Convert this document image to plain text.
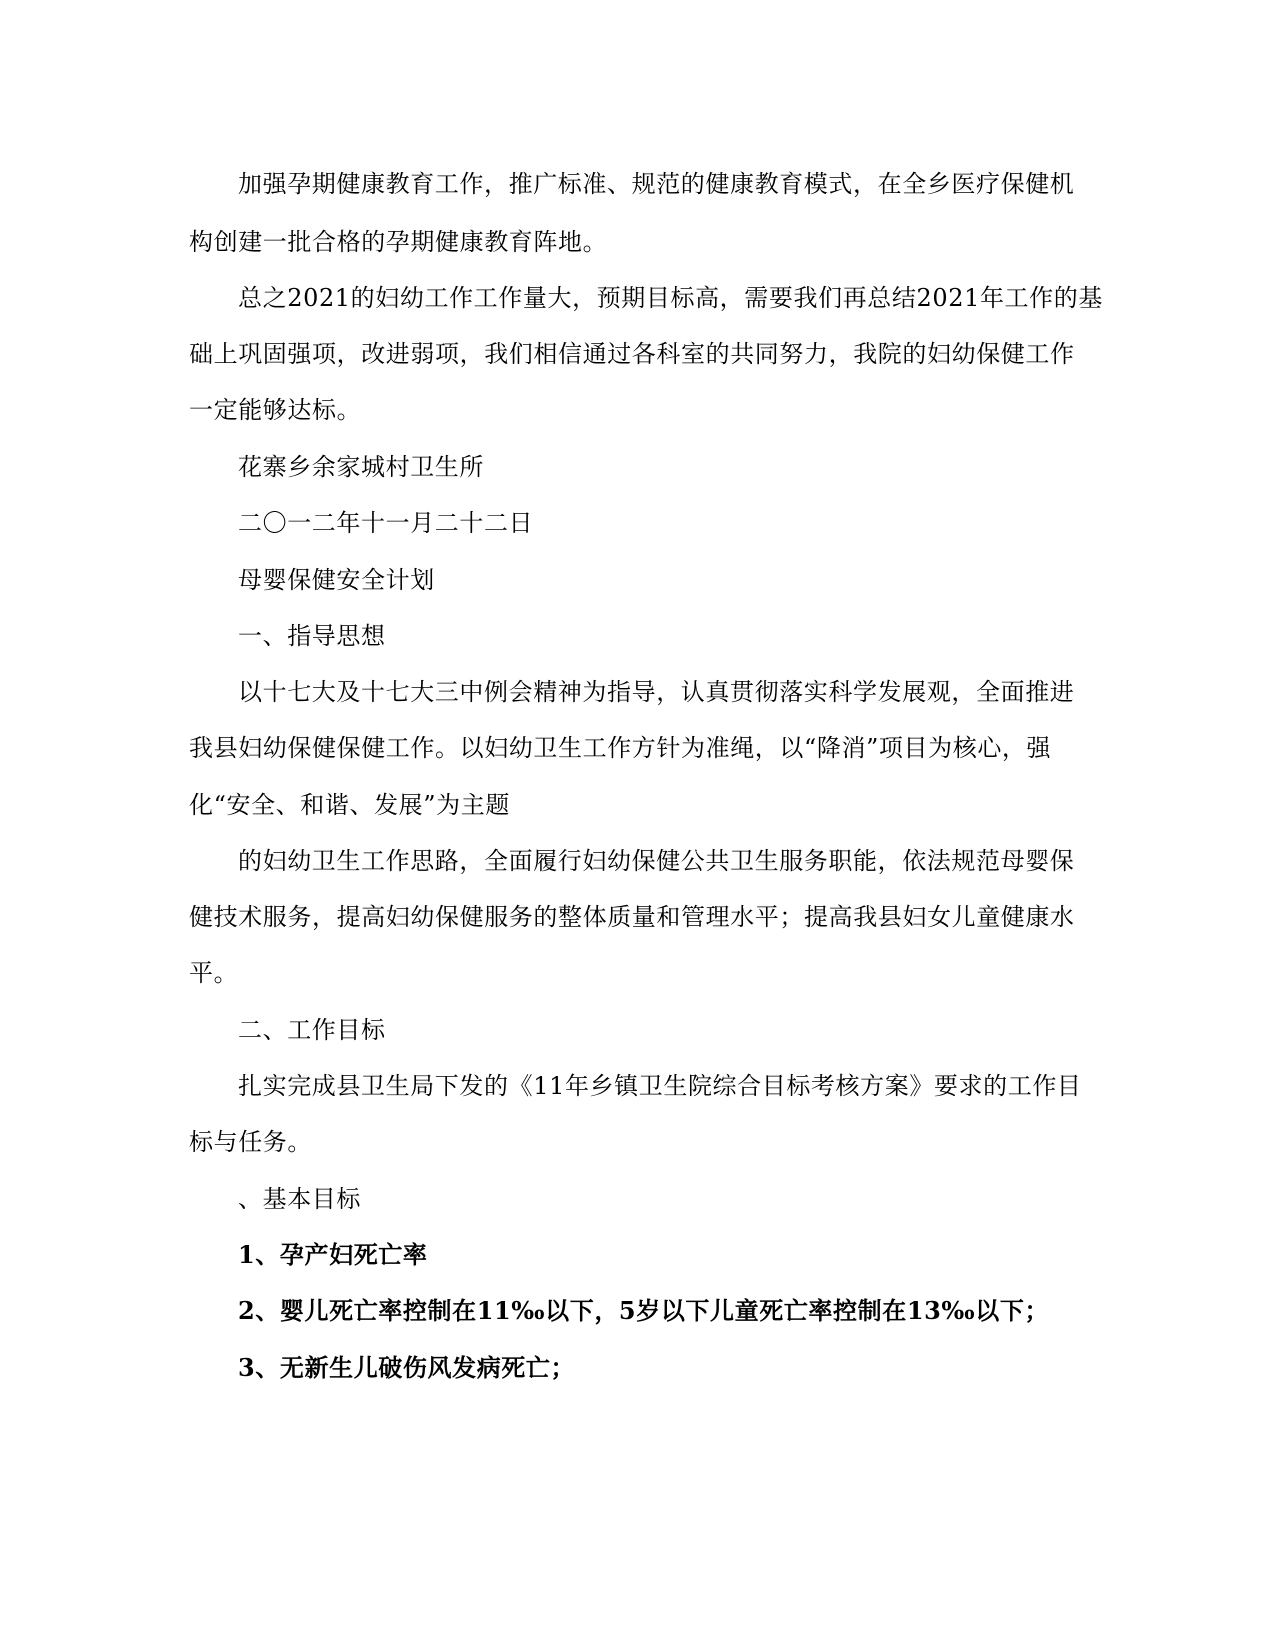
加强孕期健康教育工作，推广标准、规范的健康教育模式，在全乡医疗保健机
构创建一批合格的孕期健康教育阵地。
总之2021的妇幼工作工作量大，预期目标高，需要我们再总结2021年工作的基
础上巩固强项，改进弱项，我们相信通过各科室的共同努力，我院的妇幼保健工作
一定能够达标。
花寨乡余家城村卫生所
二〇一二年十一月二十二日
母婴保健安全计划
一、指导思想
以十七大及十七大三中例会精神为指导，认真贯彻落实科学发展观，全面推进
我县妇幼保健保健工作。以妇幼卫生工作方针为准绳，以“降消”项目为核心，强
化“安全、和谐、发展”为主题
的妇幼卫生工作思路，全面履行妇幼保健公共卫生服务职能，依法规范母婴保
健技术服务，提高妇幼保健服务的整体质量和管理水平；提高我县妇女儿童健康水
平。
二、工作目标
扎实完成县卫生局下发的《11年乡镇卫生院综合目标考核方案》要求的工作目
标与任务。
、基本目标
1、孕产妇死亡率
2、婴儿死亡率控制在11‰以下，5岁以下儿童死亡率控制在13‰以下；
3、无新生儿破伤风发病死亡；
